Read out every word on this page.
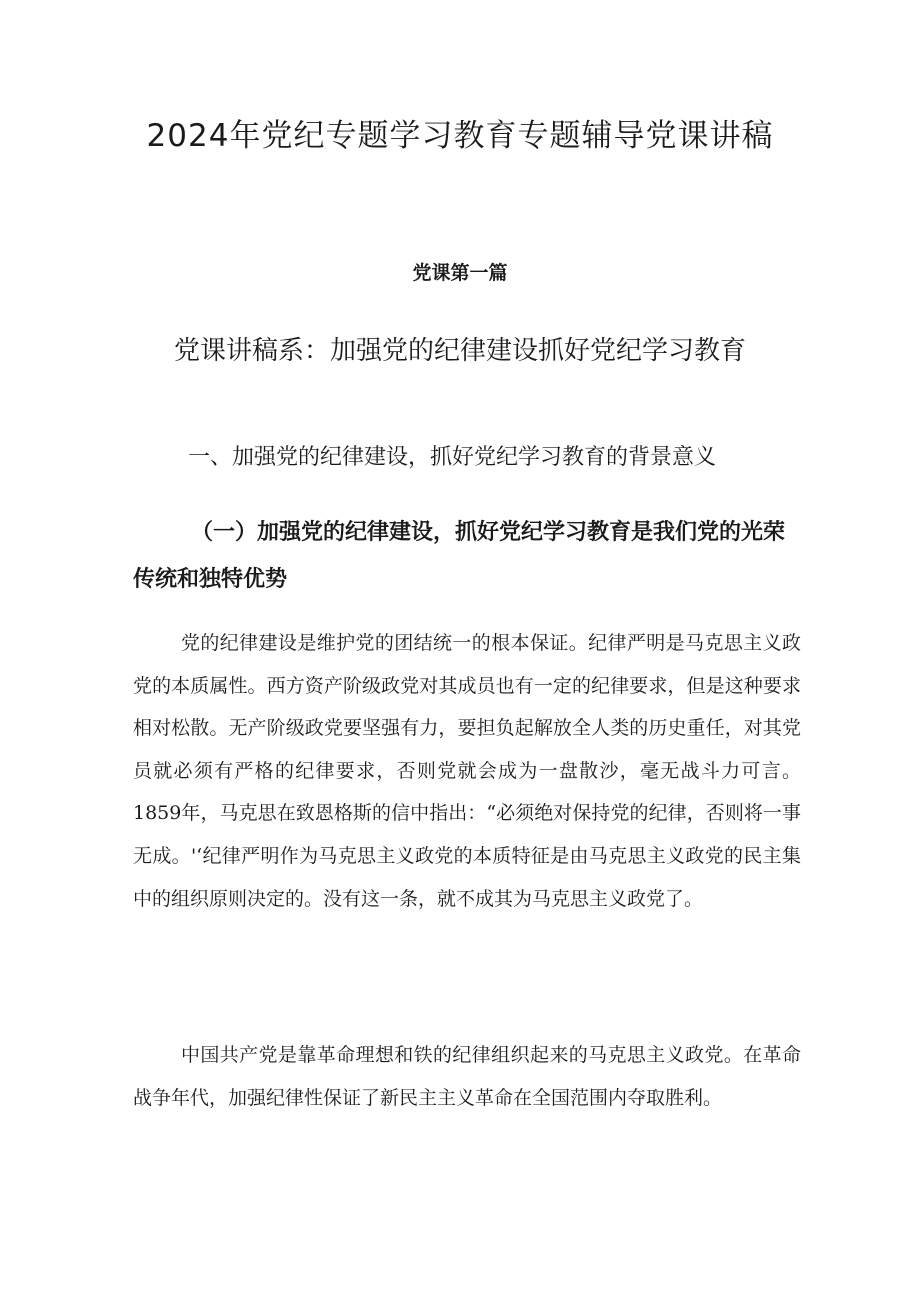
2024年党纪专题学习教育专题辅导党课讲稿
党课第一篇
党课讲稿系：加强党的纪律建设抓好党纪学习教育
一、加强党的纪律建设，抓好党纪学习教育的背景意义
（一）加强党的纪律建设，抓好党纪学习教育是我们党的光荣传统和独特优势

党的纪律建设是维护党的团结统一的根本保证。纪律严明是马克思主义政党的本质属性。西方资产阶级政党对其成员也有一定的纪律要求，但是这种要求相对松散。无产阶级政党要坚强有力，要担负起解放全人类的历史重任，对其党员就必须有严格的纪律要求，否则党就会成为一盘散沙，毫无战斗力可言。1859年，马克思在致恩格斯的信中指出：“必须绝对保持党的纪律，否则将一事无成。'‘纪律严明作为马克思主义政党的本质特征是由马克思主义政党的民主集中的组织原则决定的。没有这一条，就不成其为马克思主义政党了。

中国共产党是靠革命理想和铁的纪律组织起来的马克思主义政党。在革命战争年代，加强纪律性保证了新民主主义革命在全国范围内夺取胜利。
